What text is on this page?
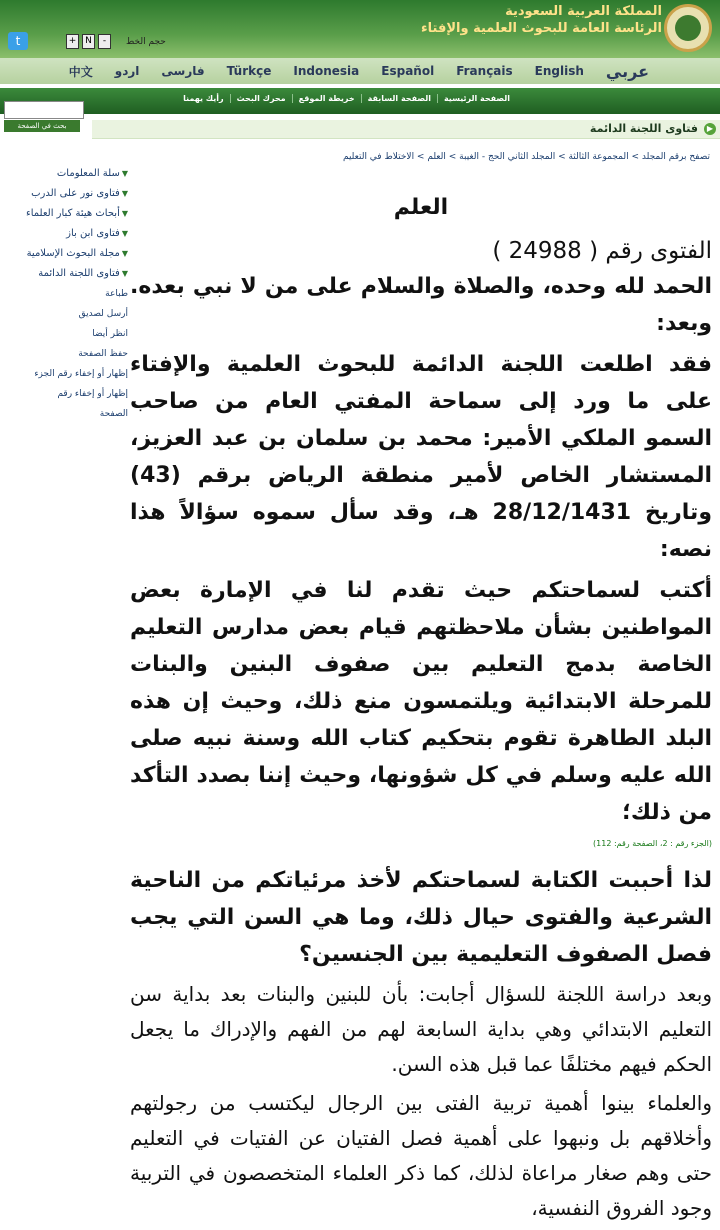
المملكة العربية السعودية
الرئاسة العامة للبحوث العلمية والإفتاء
t	+ N	-	حجم الخط
عربي
English
Français
Español
Indonesia
Türkçe
فارسی
اردو
中文
الصفحة الرئيسية
الصفحة السابقة
خريطة الموقع
محرك البحث
رأيك يهمنا
بحث في الصفحة	▶
فتاوى اللجنة الدائمة
تصفح برقم المجلد > المجموعة الثالثة > المجلد الثاني الحج - الغيبة > العلم > الاختلاط في التعليم
▼سلة المعلومات
▼فتاوى نور على الدرب
▼أبحاث هيئة كبار العلماء
▼فتاوى ابن باز
▼مجلة البحوث الإسلامية
▼فتاوى اللجنة الدائمة
طباعة
أرسل لصديق
انظر أيضا
حفظ الصفحة
إظهار أو إخفاء رقم الجزء
إظهار أو إخفاء رقم
الصفحة
العلم
الفتوى رقم ( 24988 )
الحمد لله وحده، والصلاة والسلام على من لا نبي بعده. وبعد:
فقد اطلعت اللجنة الدائمة للبحوث العلمية والإفتاء على ما ورد إلى سماحة المفتي العام من صاحب السمو الملكي الأمير: محمد بن سلمان بن عبد العزيز، المستشار الخاص لأمير منطقة الرياض برقم (43) وتاريخ 28/12/1431 هـ، وقد سأل سموه سؤالاً هذا نصه:
أكتب لسماحتكم حيث تقدم لنا في الإمارة بعض المواطنين بشأن ملاحظتهم قيام بعض مدارس التعليم الخاصة بدمج التعليم بين صفوف البنين والبنات للمرحلة الابتدائية ويلتمسون منع ذلك، وحيث إن هذه البلد الطاهرة تقوم بتحكيم كتاب الله وسنة نبيه صلى الله عليه وسلم في كل شؤونها، وحيث إننا بصدد التأكد من ذلك؛
(الجزء رقم : 2، الصفحة رقم: 112)
لذا أحببت الكتابة لسماحتكم لأخذ مرئياتكم من الناحية الشرعية والفتوى حيال ذلك، وما هي السن التي يجب فصل الصفوف التعليمية بين الجنسين؟
وبعد دراسة اللجنة للسؤال أجابت: بأن للبنين والبنات بعد بداية سن التعليم الابتدائي وهي بداية السابعة لهم من الفهم والإدراك ما يجعل الحكم فيهم مختلفًا عما قبل هذه السن.
والعلماء بينوا أهمية تربية الفتى بين الرجال ليكتسب من رجولتهم وأخلاقهم بل ونبهوا على أهمية فصل الفتيان عن الفتيات في التعليم حتى وهم صغار مراعاة لذلك، كما ذكر العلماء المتخصصون في التربية وجود الفروق النفسية،
